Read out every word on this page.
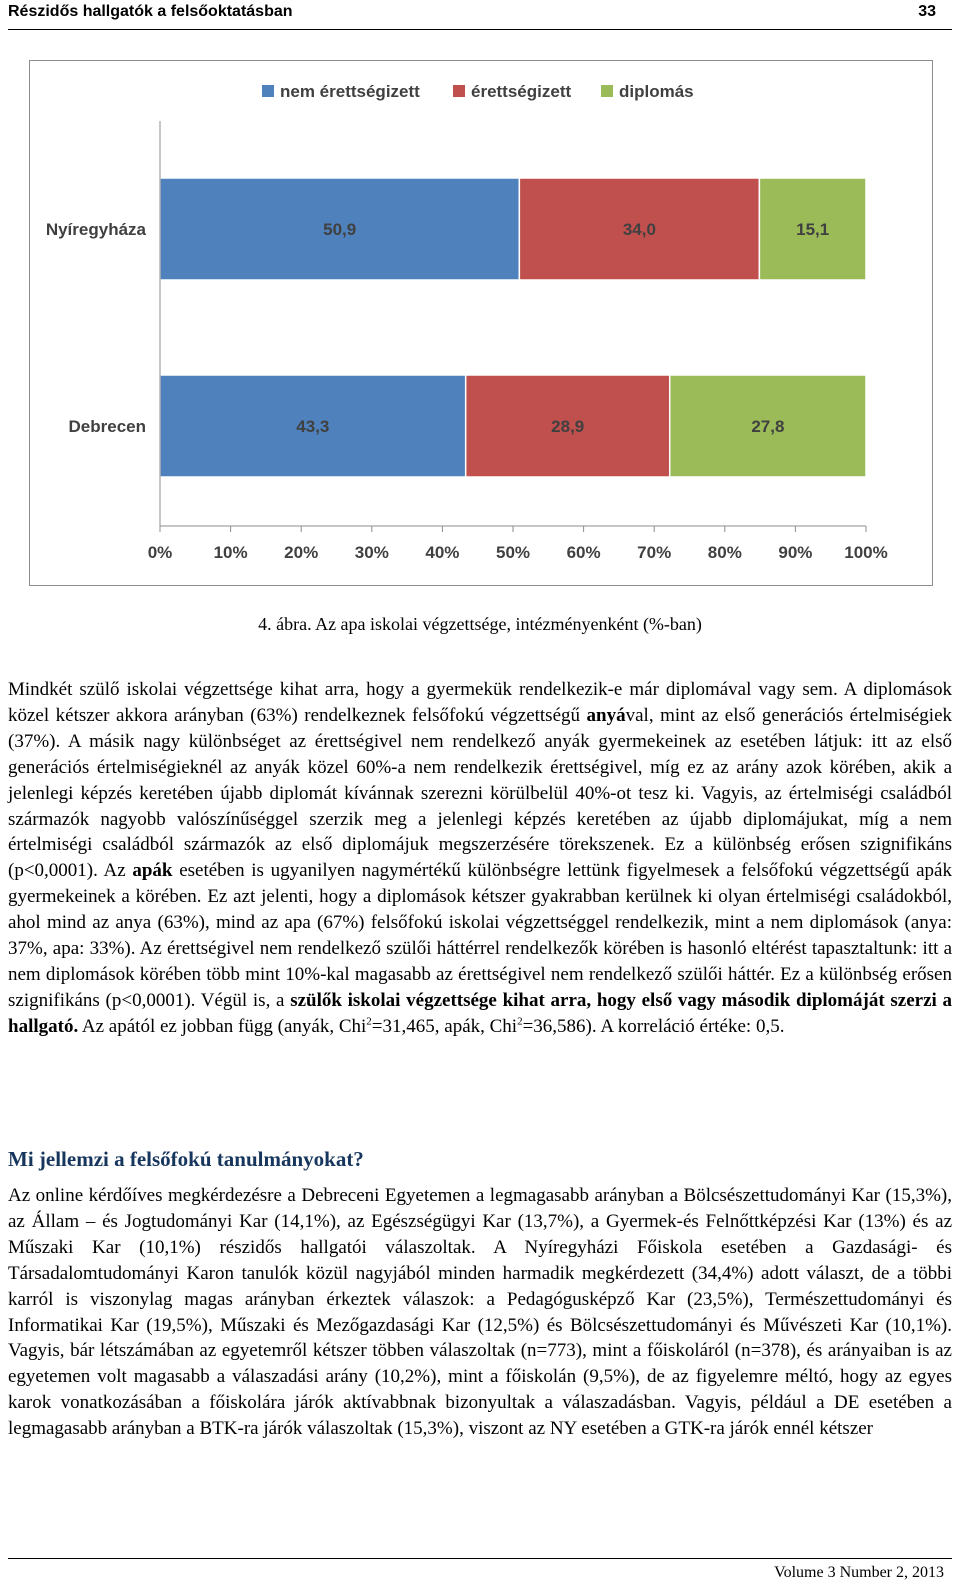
Részidős hallgatók a felsőoktatásban	33
nem érettségizett	érettségizett	diplomás
50,9	34,0	15,1
Nyíregyháza
43,3	28,9	27,8
Debrecen
0% 10% 20% 30% 40% 50% 60% 70% 80% 90% 100%
4. ábra. Az apa iskolai végzettsége, intézményenként (%-ban)
Mindkét szülő iskolai végzettsége kihat arra, hogy a gyermekük rendelkezik-e már diplomával vagy sem. A diplomások közel kétszer akkora arányban (63%) rendelkeznek felsőfokú végzettségű anyával, mint az első generációs értelmiségiek (37%). A másik nagy különbséget az érettségivel nem rendelkező anyák gyermekeinek az esetében látjuk: itt az első generációs értelmiségieknél az anyák közel 60%-a nem rendelkezik érettségivel, míg ez az arány azok körében, akik a jelenlegi képzés keretében újabb diplomát kívánnak szerezni körülbelül 40%-ot tesz ki. Vagyis, az értelmiségi családból származók nagyobb valószínűséggel szerzik meg a jelenlegi képzés keretében az újabb diplomájukat, míg a nem értelmiségi családból származók az első diplomájuk megszerzésére törekszenek. Ez a különbség erősen szignifikáns (p<0,0001). Az apák esetében is ugyanilyen nagymértékű különbségre lettünk figyelmesek a felsőfokú végzettségű apák gyermekeinek a körében. Ez azt jelenti, hogy a diplomások kétszer gyakrabban kerülnek ki olyan értelmiségi családokból, ahol mind az anya (63%), mind az apa (67%) felsőfokú iskolai végzettséggel rendelkezik, mint a nem diplomások (anya: 37%, apa: 33%). Az érettségivel nem rendelkező szülői háttérrel rendelkezők körében is hasonló eltérést tapasztaltunk: itt a nem diplomások körében több mint 10%-kal magasabb az érettségivel nem rendelkező szülői háttér. Ez a különbség erősen szignifikáns (p<0,0001). Végül is, a szülők iskolai végzettsége kihat arra, hogy első vagy második diplomáját szerzi a hallgató. Az apától ez jobban függ (anyák, Chi$^2$=31,465, apák, Chi$^2$=36,586). A korreláció értéke: 0,5.
Mi jellemzi a felsőfokú tanulmányokat?
Az online kérdőíves megkérdezésre a Debreceni Egyetemen a legmagasabb arányban a Bölcsészettudományi Kar (15,3%), az Állam – és Jogtudományi Kar (14,1%), az Egészségügyi Kar (13,7%), a Gyermek-és Felnőttképzési Kar (13%) és az Műszaki Kar (10,1%) részidős hallgatói válaszoltak. A Nyíregyházi Főiskola esetében a Gazdasági- és Társadalomtudományi Karon tanulók közül nagyjából minden harmadik megkérdezett (34,4%) adott választ, de a többi karról is viszonylag magas arányban érkeztek válaszok: a Pedagógusképző Kar (23,5%), Természettudományi és Informatikai Kar (19,5%), Műszaki és Mezőgazdasági Kar (12,5%) és Bölcsészettudományi és Művészeti Kar (10,1%). Vagyis, bár létszámában az egyetemről kétszer többen válaszoltak (n=773), mint a főiskoláról (n=378), és arányaiban is az egyetemen volt magasabb a válaszadási arány (10,2%), mint a főiskolán (9,5%), de az figyelemre méltó, hogy az egyes karok vonatkozásában a főiskolára járók aktívabbnak bizonyultak a válaszadásban. Vagyis, például a DE esetében a legmagasabb arányban a BTK-ra járók válaszoltak (15,3%), viszont az NY esetében a GTK-ra járók ennél kétszer
Volume 3 Number 2, 2013
